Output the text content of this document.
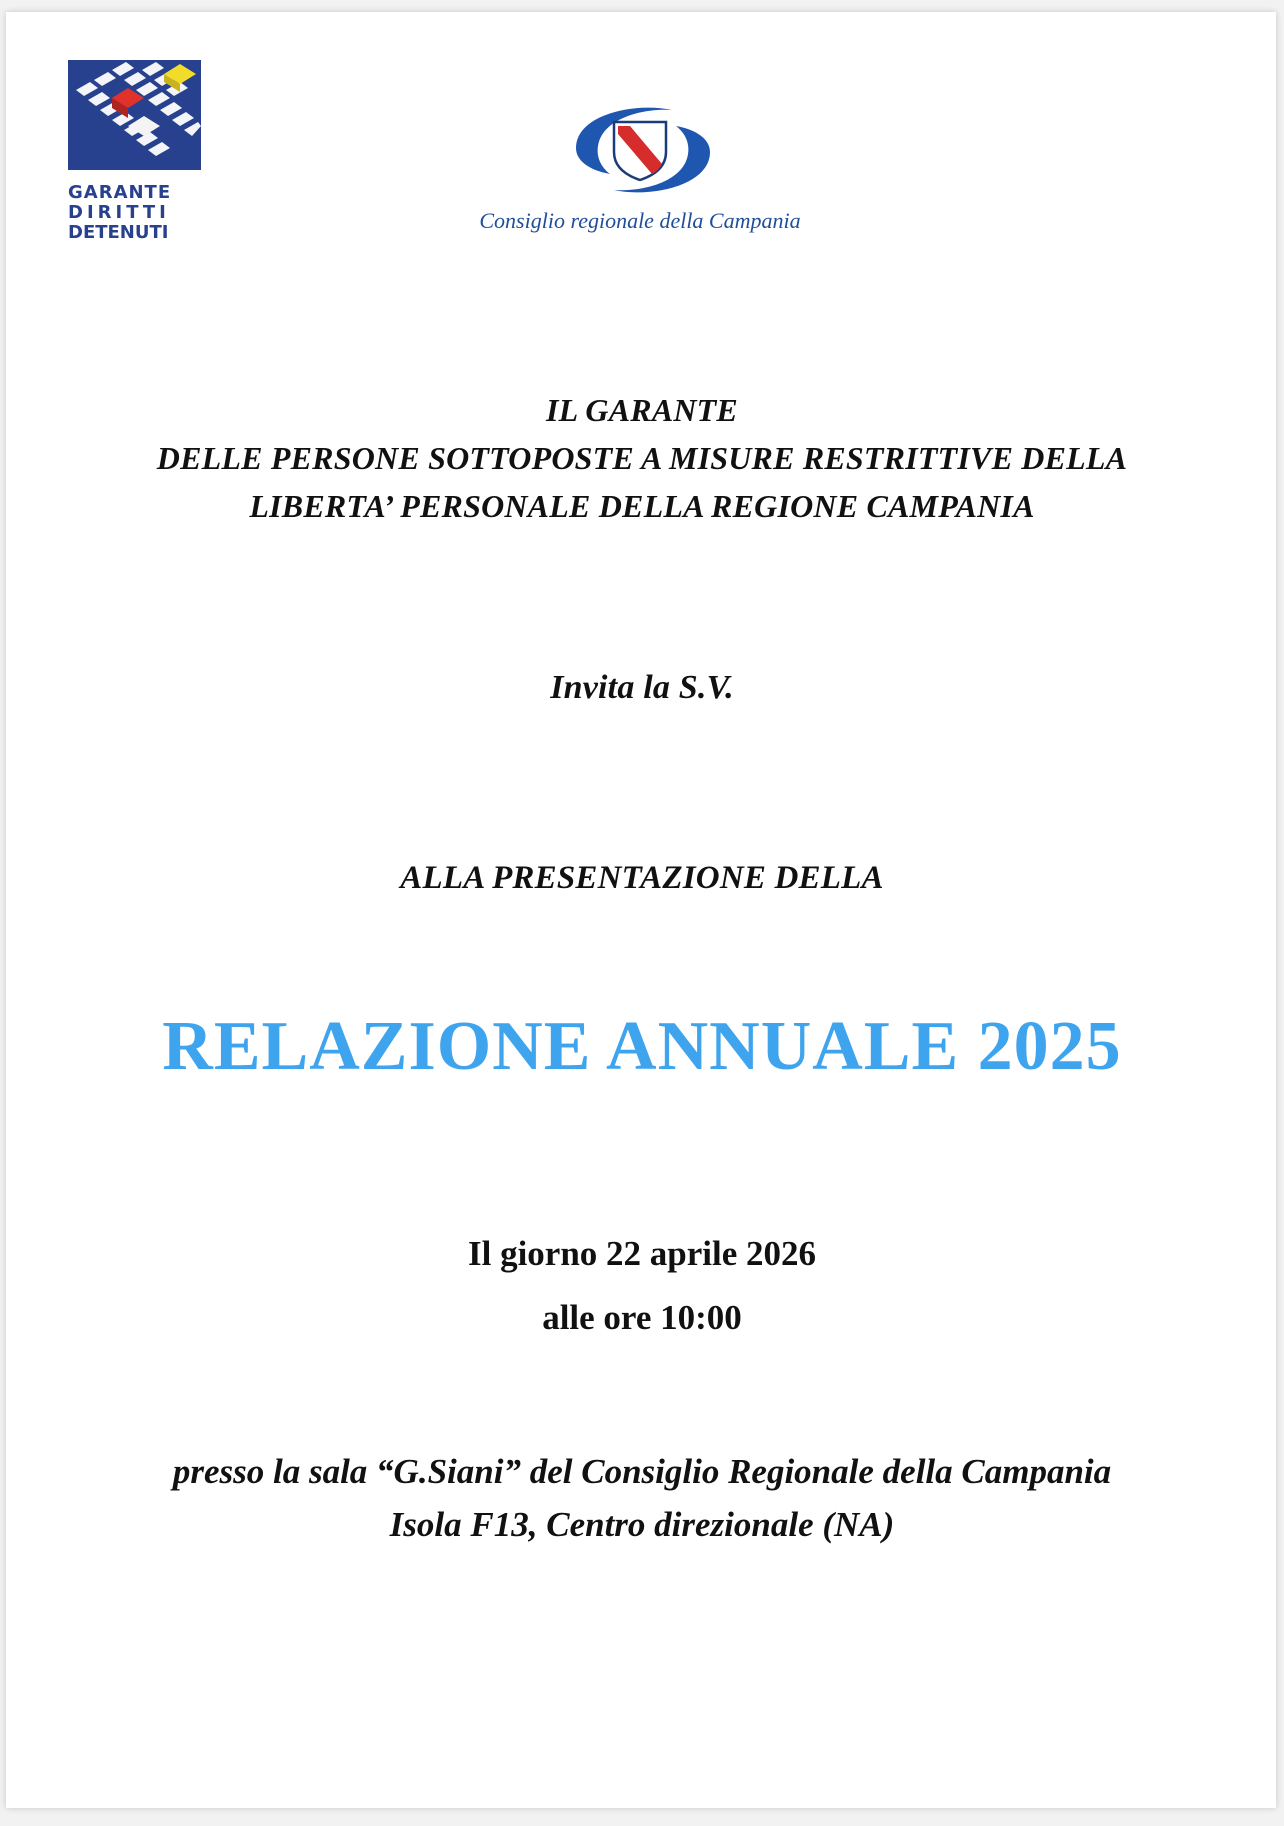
GARANTE
DIRITTI
DETENUTI	Consiglio regionale della Campania
IL GARANTE
DELLE PERSONE SOTTOPOSTE A MISURE RESTRITTIVE DELLA
LIBERTA’ PERSONALE DELLA REGIONE CAMPANIA
Invita la S.V.
ALLA PRESENTAZIONE DELLA
RELAZIONE ANNUALE 2025
Il giorno 22 aprile 2026
alle ore 10:00
presso la sala “G.Siani” del Consiglio Regionale della Campania
Isola F13, Centro direzionale (NA)
